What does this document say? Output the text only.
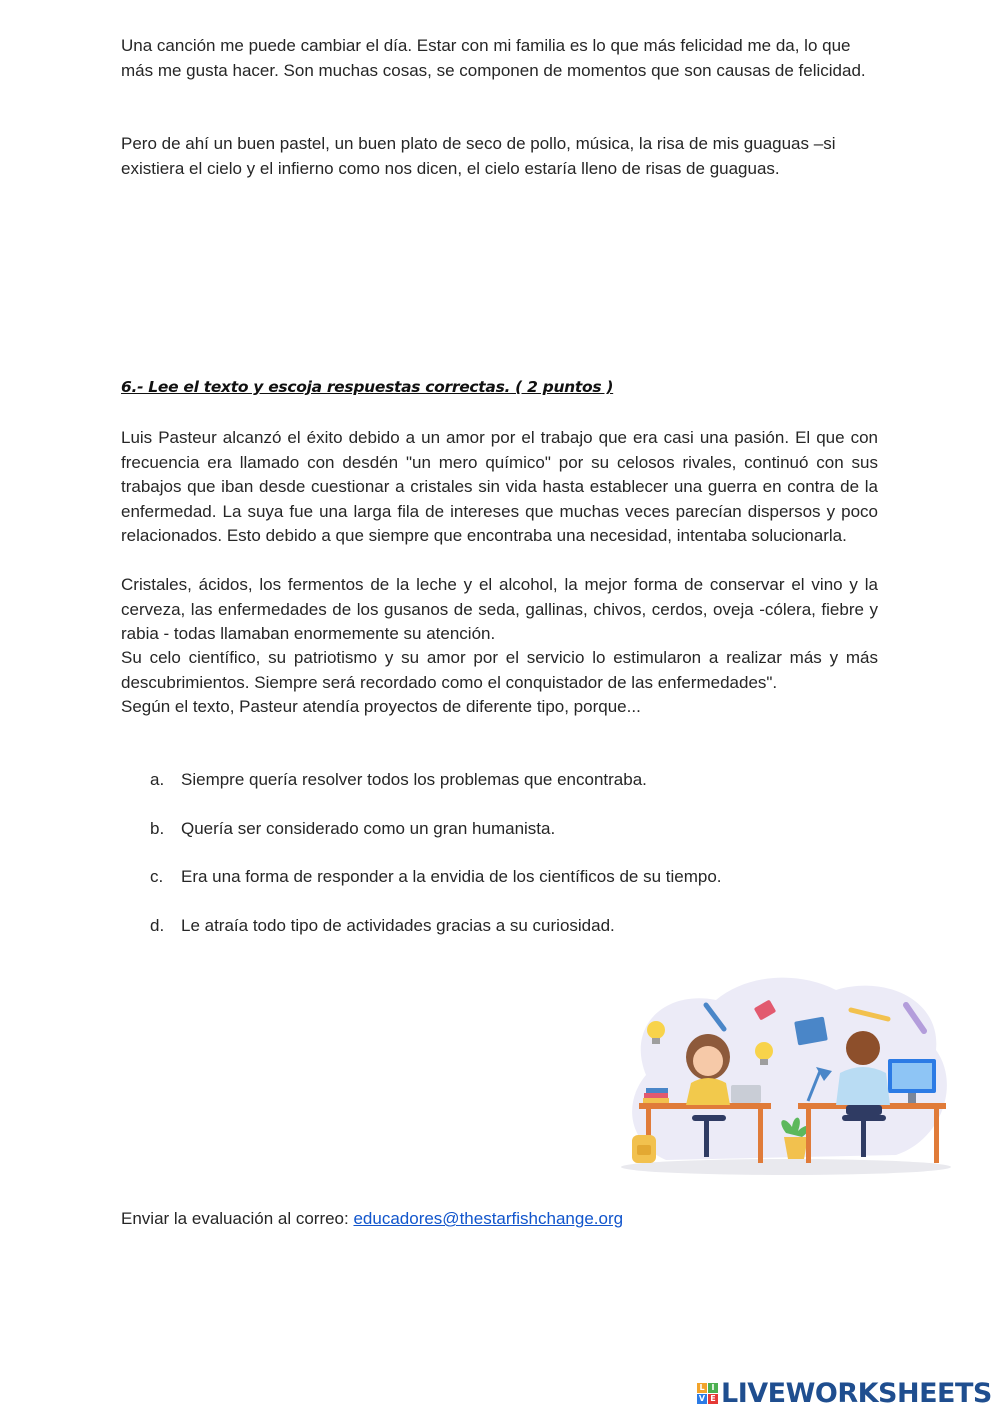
Una canción me puede cambiar el día. Estar con mi familia es lo que más felicidad me da, lo que más me gusta hacer. Son muchas cosas, se componen de momentos que son causas de felicidad.

Pero de ahí un buen pastel, un buen plato de seco de pollo, música, la risa de mis guaguas –si existiera el cielo y el infierno como nos dicen, el cielo estaría lleno de risas de guaguas.

6.- Lee el texto y escoja respuestas correctas. ( 2 puntos )

Luis Pasteur alcanzó el éxito debido a un amor por el trabajo que era casi una pasión. El que con frecuencia era llamado con desdén "un mero químico" por su celosos rivales, continuó con sus trabajos que iban desde cuestionar a cristales sin vida hasta establecer una guerra en contra de la enfermedad. La suya fue una larga fila de intereses que muchas veces parecían dispersos y poco relacionados. Esto debido a que siempre que encontraba una necesidad, intentaba solucionarla.

Cristales, ácidos, los fermentos de la leche y el alcohol, la mejor forma de conservar el vino y la cerveza, las enfermedades de los gusanos de seda, gallinas, chivos, cerdos, oveja -cólera, fiebre y rabia - todas llamaban enormemente su atención.

Su celo científico, su patriotismo y su amor por el servicio lo estimularon a realizar más y más descubrimientos. Siempre será recordado como el conquistador de las enfermedades".

Según el texto, Pasteur atendía proyectos de diferente tipo, porque...

a. Siempre quería resolver todos los problemas que encontraba.
b. Quería ser considerado como un gran humanista.
c.	Era una forma de responder a la envidia de los científicos de su tiempo.
d. Le atraía todo tipo de actividades gracias a su curiosidad.

Enviar la evaluación al correo: educadores@thestarfishchange.org

L I
V E LIVEWORKSHEETS
